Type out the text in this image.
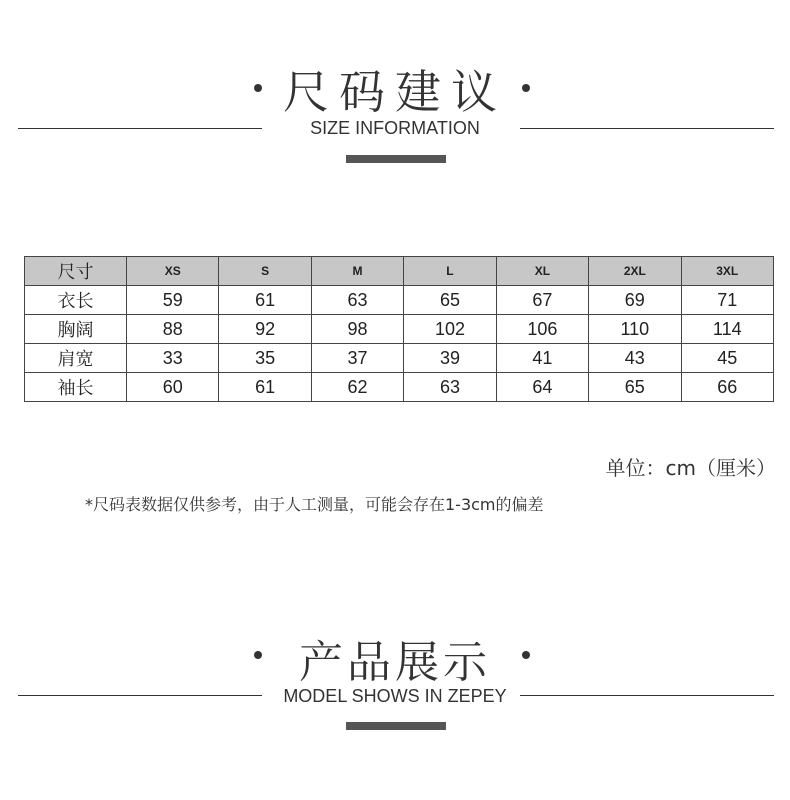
尺码建议
SIZE INFORMATION
尺寸	XS	S	M	L	XL	2XL	3XL
衣长	59	61	63	65	67	69	71
胸阔	88	92	98	102	106	110	114
肩宽	33	35	37	39	41	43	45
袖长	60	61	62	63	64	65	66
单位：cm（厘米）
*尺码表数据仅供参考，由于人工测量，可能会存在1-3cm的偏差
产品展示
MODEL SHOWS IN ZEPEY
